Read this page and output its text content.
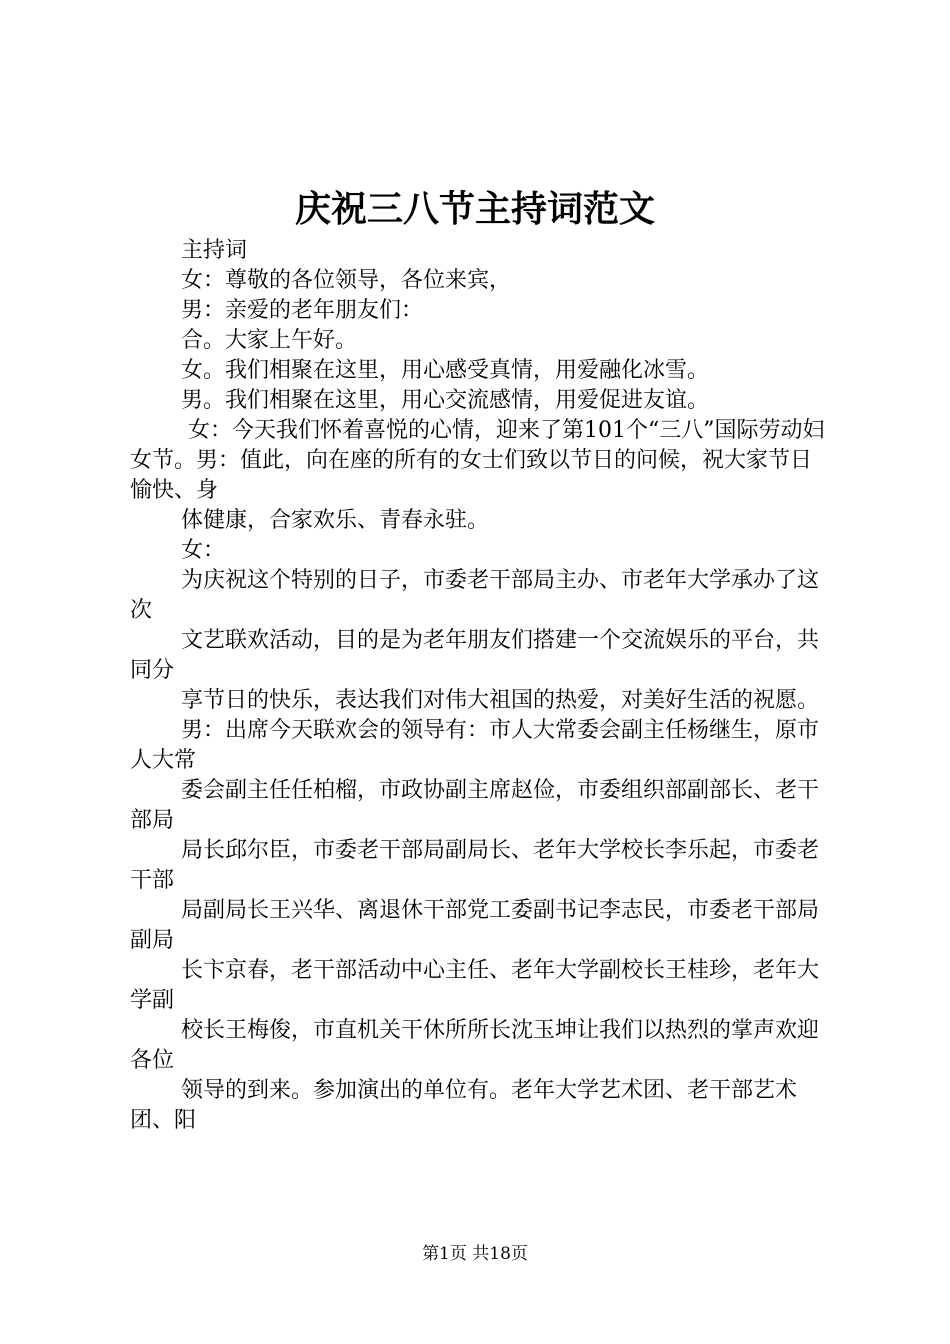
庆祝三八节主持词范文

主持词

女：尊敬的各位领导，各位来宾，

男：亲爱的老年朋友们：

合。大家上午好。

女。我们相聚在这里，用心感受真情，用爱融化冰雪。

男。我们相聚在这里，用心交流感情，用爱促进友谊。

女：今天我们怀着喜悦的心情，迎来了第101个“三八”国际劳动妇女节。男：值此，向在座的所有的女士们致以节日的问候，祝大家节日愉快、身

体健康，合家欢乐、青春永驻。

女：

为庆祝这个特别的日子，市委老干部局主办、市老年大学承办了这次

文艺联欢活动，目的是为老年朋友们搭建一个交流娱乐的平台，共同分

享节日的快乐，表达我们对伟大祖国的热爱，对美好生活的祝愿。

男：出席今天联欢会的领导有：市人大常委会副主任杨继生，原市人大常

委会副主任任柏榴，市政协副主席赵俭，市委组织部副部长、老干部局

局长邱尔臣，市委老干部局副局长、老年大学校长李乐起，市委老干部

局副局长王兴华、离退休干部党工委副书记李志民，市委老干部局副局

长卞京春，老干部活动中心主任、老年大学副校长王桂珍，老年大学副

校长王梅俊，市直机关干休所所长沈玉坤让我们以热烈的掌声欢迎各位

领导的到来。参加演出的单位有。老年大学艺术团、老干部艺术团、阳

第1页 共18页
